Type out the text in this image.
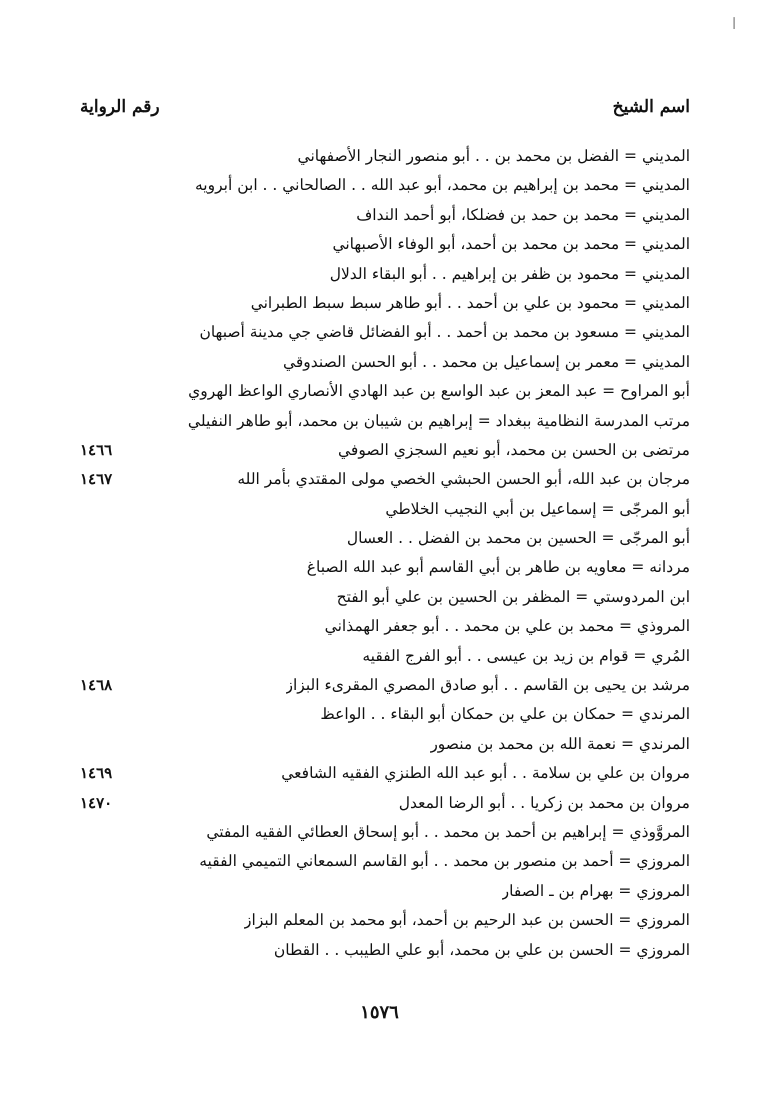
╷
اسم الشيخ
رقم الرواية
المديني = الفضل بن محمد بن . . أبو منصور النجار الأصفهاني
المديني = محمد بن إبراهيم بن محمد، أبو عبد الله . . الصالحاني . . ابن أبرويه
المديني = محمد بن حمد بن فضلكا، أبو أحمد النداف
المديني = محمد بن محمد بن أحمد، أبو الوفاء الأصبهاني
المديني = محمود بن ظفر بن إبراهيم . . أبو البقاء الدلال
المديني = محمود بن علي بن أحمد . . أبو طاهر سبط سبط الطبراني
المديني = مسعود بن محمد بن أحمد . . أبو الفضائل قاضي جي مدينة أصبهان
المديني = معمر بن إسماعيل بن محمد . . أبو الحسن الصندوقي
أبو المراوح = عبد المعز بن عبد الواسع بن عبد الهادي الأنصاري الواعظ الهروي
مرتب المدرسة النظامية ببغداد = إبراهيم بن شيبان بن محمد، أبو طاهر النفيلي
مرتضى بن الحسن بن محمد، أبو نعيم السجزي الصوفي
١٤٦٦
مرجان بن عبد الله، أبو الحسن الحبشي الخصي مولى المقتدي بأمر الله
١٤٦٧
أبو المرجّى = إسماعيل بن أبي النجيب الخلاطي
أبو المرجّى = الحسين بن محمد بن الفضل . . العسال
مردانه = معاويه بن طاهر بن أبي القاسم أبو عبد الله الصباغ
ابن المردوستي = المظفر بن الحسين بن علي أبو الفتح
المروذي = محمد بن علي بن محمد . . أبو جعفر الهمذاني
المُري = قوام بن زيد بن عيسى . . أبو الفرج الفقيه
مرشد بن يحيى بن القاسم . . أبو صادق المصري المقرىء البزاز
١٤٦٨
المرندي = حمكان بن علي بن حمكان أبو البقاء . . الواعظ
المرندي = نعمة الله بن محمد بن منصور
مروان بن علي بن سلامة . . أبو عبد الله الطنزي الفقيه الشافعي
١٤٦٩
مروان بن محمد بن زكريا . . أبو الرضا المعدل
١٤٧٠
المروَّوذي = إبراهيم بن أحمد بن محمد . . أبو إسحاق العطائي الفقيه المفتي
المروزي = أحمد بن منصور بن محمد . . أبو القاسم السمعاني التميمي الفقيه
المروزي = بهرام بن ـ الصفار
المروزي = الحسن بن عبد الرحيم بن أحمد، أبو محمد بن المعلم البزاز
المروزي = الحسن بن علي بن محمد، أبو علي الطيبب . . القطان
١٥٧٦
